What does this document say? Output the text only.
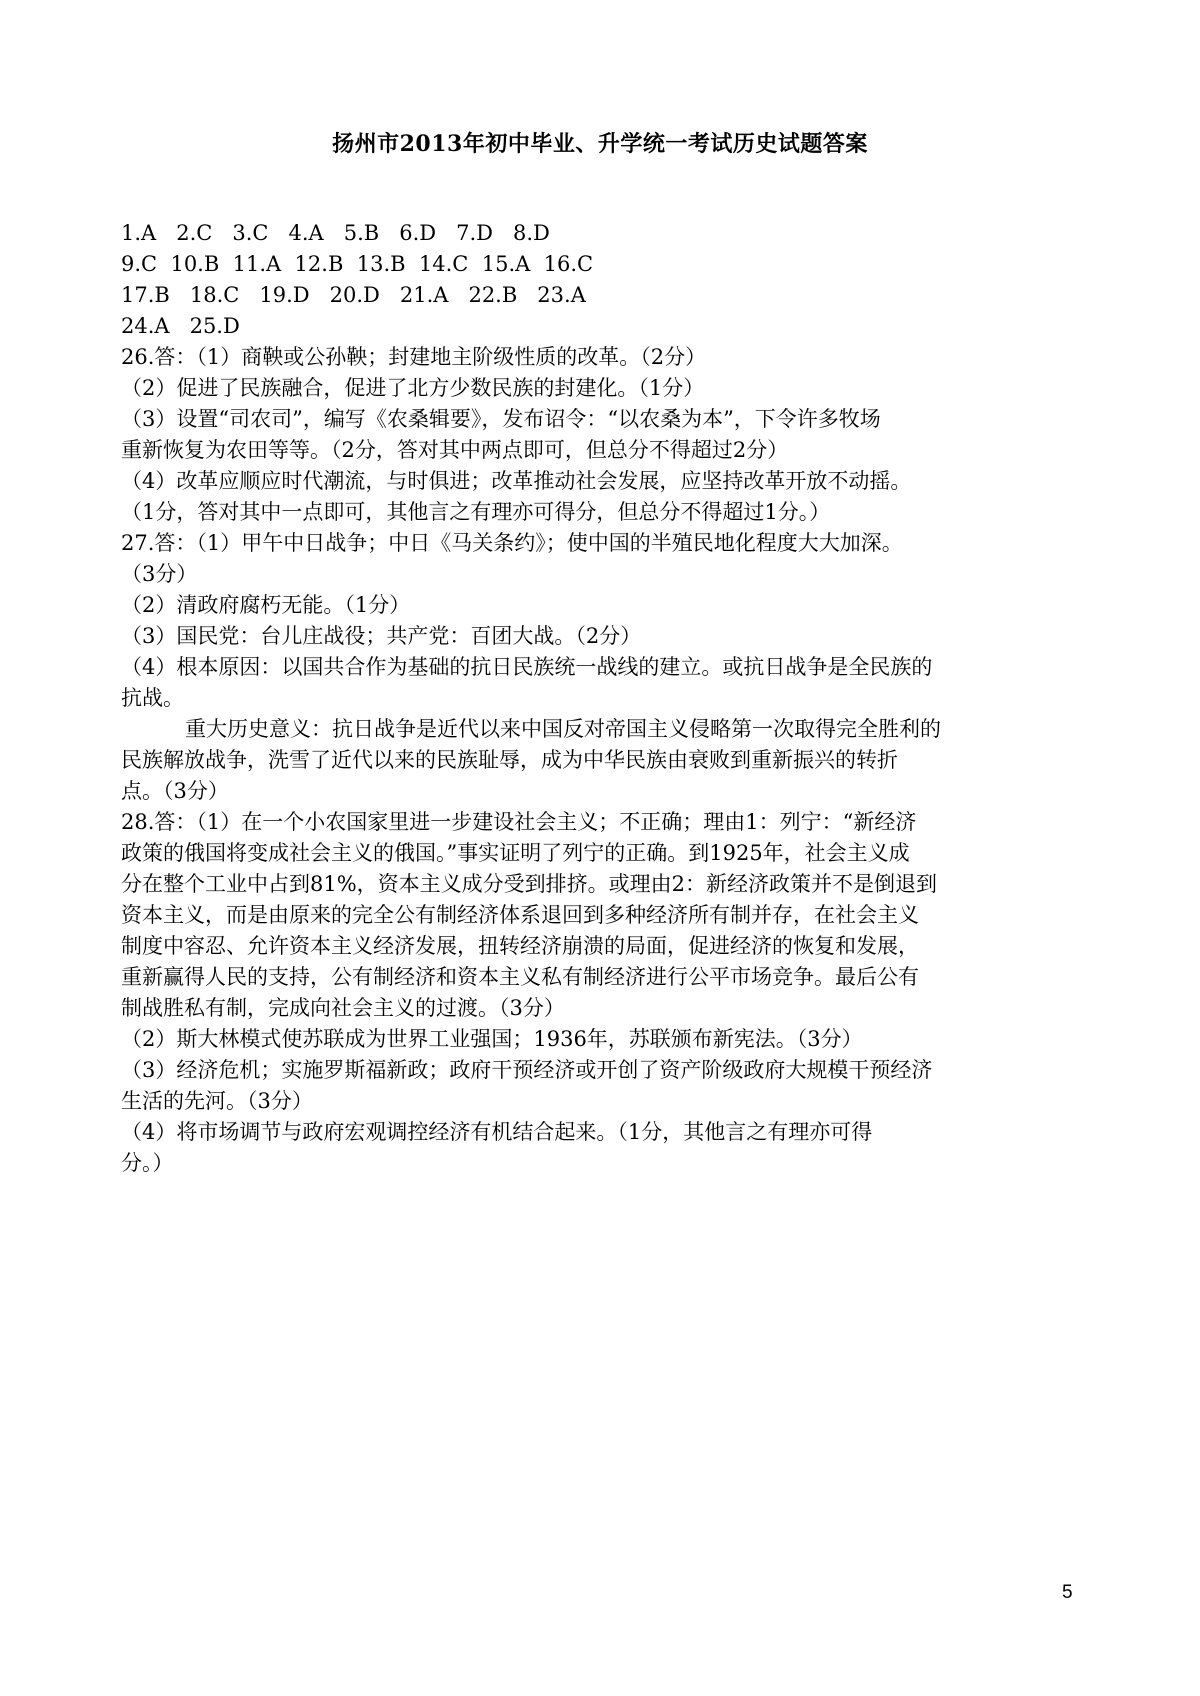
扬州市2013年初中毕业、升学统一考试历史试题答案
1.A   2.C   3.C   4.A   5.B   6.D   7.D   8.D
9.C  10.B  11.A  12.B  13.B  14.C  15.A  16.C
17.B   18.C   19.D   20.D   21.A   22.B   23.A
24.A   25.D
26.答：（1）商鞅或公孙鞅；封建地主阶级性质的改革。（2分）
（2）促进了民族融合，促进了北方少数民族的封建化。（1分）
（3）设置“司农司”，编写《农桑辑要》，发布诏令：“以农桑为本”，下令许多牧场
重新恢复为农田等等。（2分，答对其中两点即可，但总分不得超过2分）
（4）改革应顺应时代潮流，与时俱进；改革推动社会发展，应坚持改革开放不动摇。
（1分，答对其中一点即可，其他言之有理亦可得分，但总分不得超过1分。）
27.答：（1）甲午中日战争；中日《马关条约》；使中国的半殖民地化程度大大加深。
（3分）
（2）清政府腐朽无能。（1分）
（3）国民党：台儿庄战役；共产党：百团大战。（2分）
（4）根本原因：以国共合作为基础的抗日民族统一战线的建立。或抗日战争是全民族的
抗战。
重大历史意义：抗日战争是近代以来中国反对帝国主义侵略第一次取得完全胜利的
民族解放战争，洗雪了近代以来的民族耻辱，成为中华民族由衰败到重新振兴的转折
点。（3分）
28.答：（1）在一个小农国家里进一步建设社会主义；不正确；理由1：列宁：“新经济
政策的俄国将变成社会主义的俄国。”事实证明了列宁的正确。到1925年，社会主义成
分在整个工业中占到81%，资本主义成分受到排挤。或理由2：新经济政策并不是倒退到
资本主义，而是由原来的完全公有制经济体系退回到多种经济所有制并存，在社会主义
制度中容忍、允许资本主义经济发展，扭转经济崩溃的局面，促进经济的恢复和发展，
重新赢得人民的支持，公有制经济和资本主义私有制经济进行公平市场竞争。最后公有
制战胜私有制，完成向社会主义的过渡。（3分）
（2）斯大林模式使苏联成为世界工业强国；1936年，苏联颁布新宪法。（3分）
（3）经济危机；实施罗斯福新政；政府干预经济或开创了资产阶级政府大规模干预经济
生活的先河。（3分）
（4）将市场调节与政府宏观调控经济有机结合起来。（1分，其他言之有理亦可得
分。）
5
